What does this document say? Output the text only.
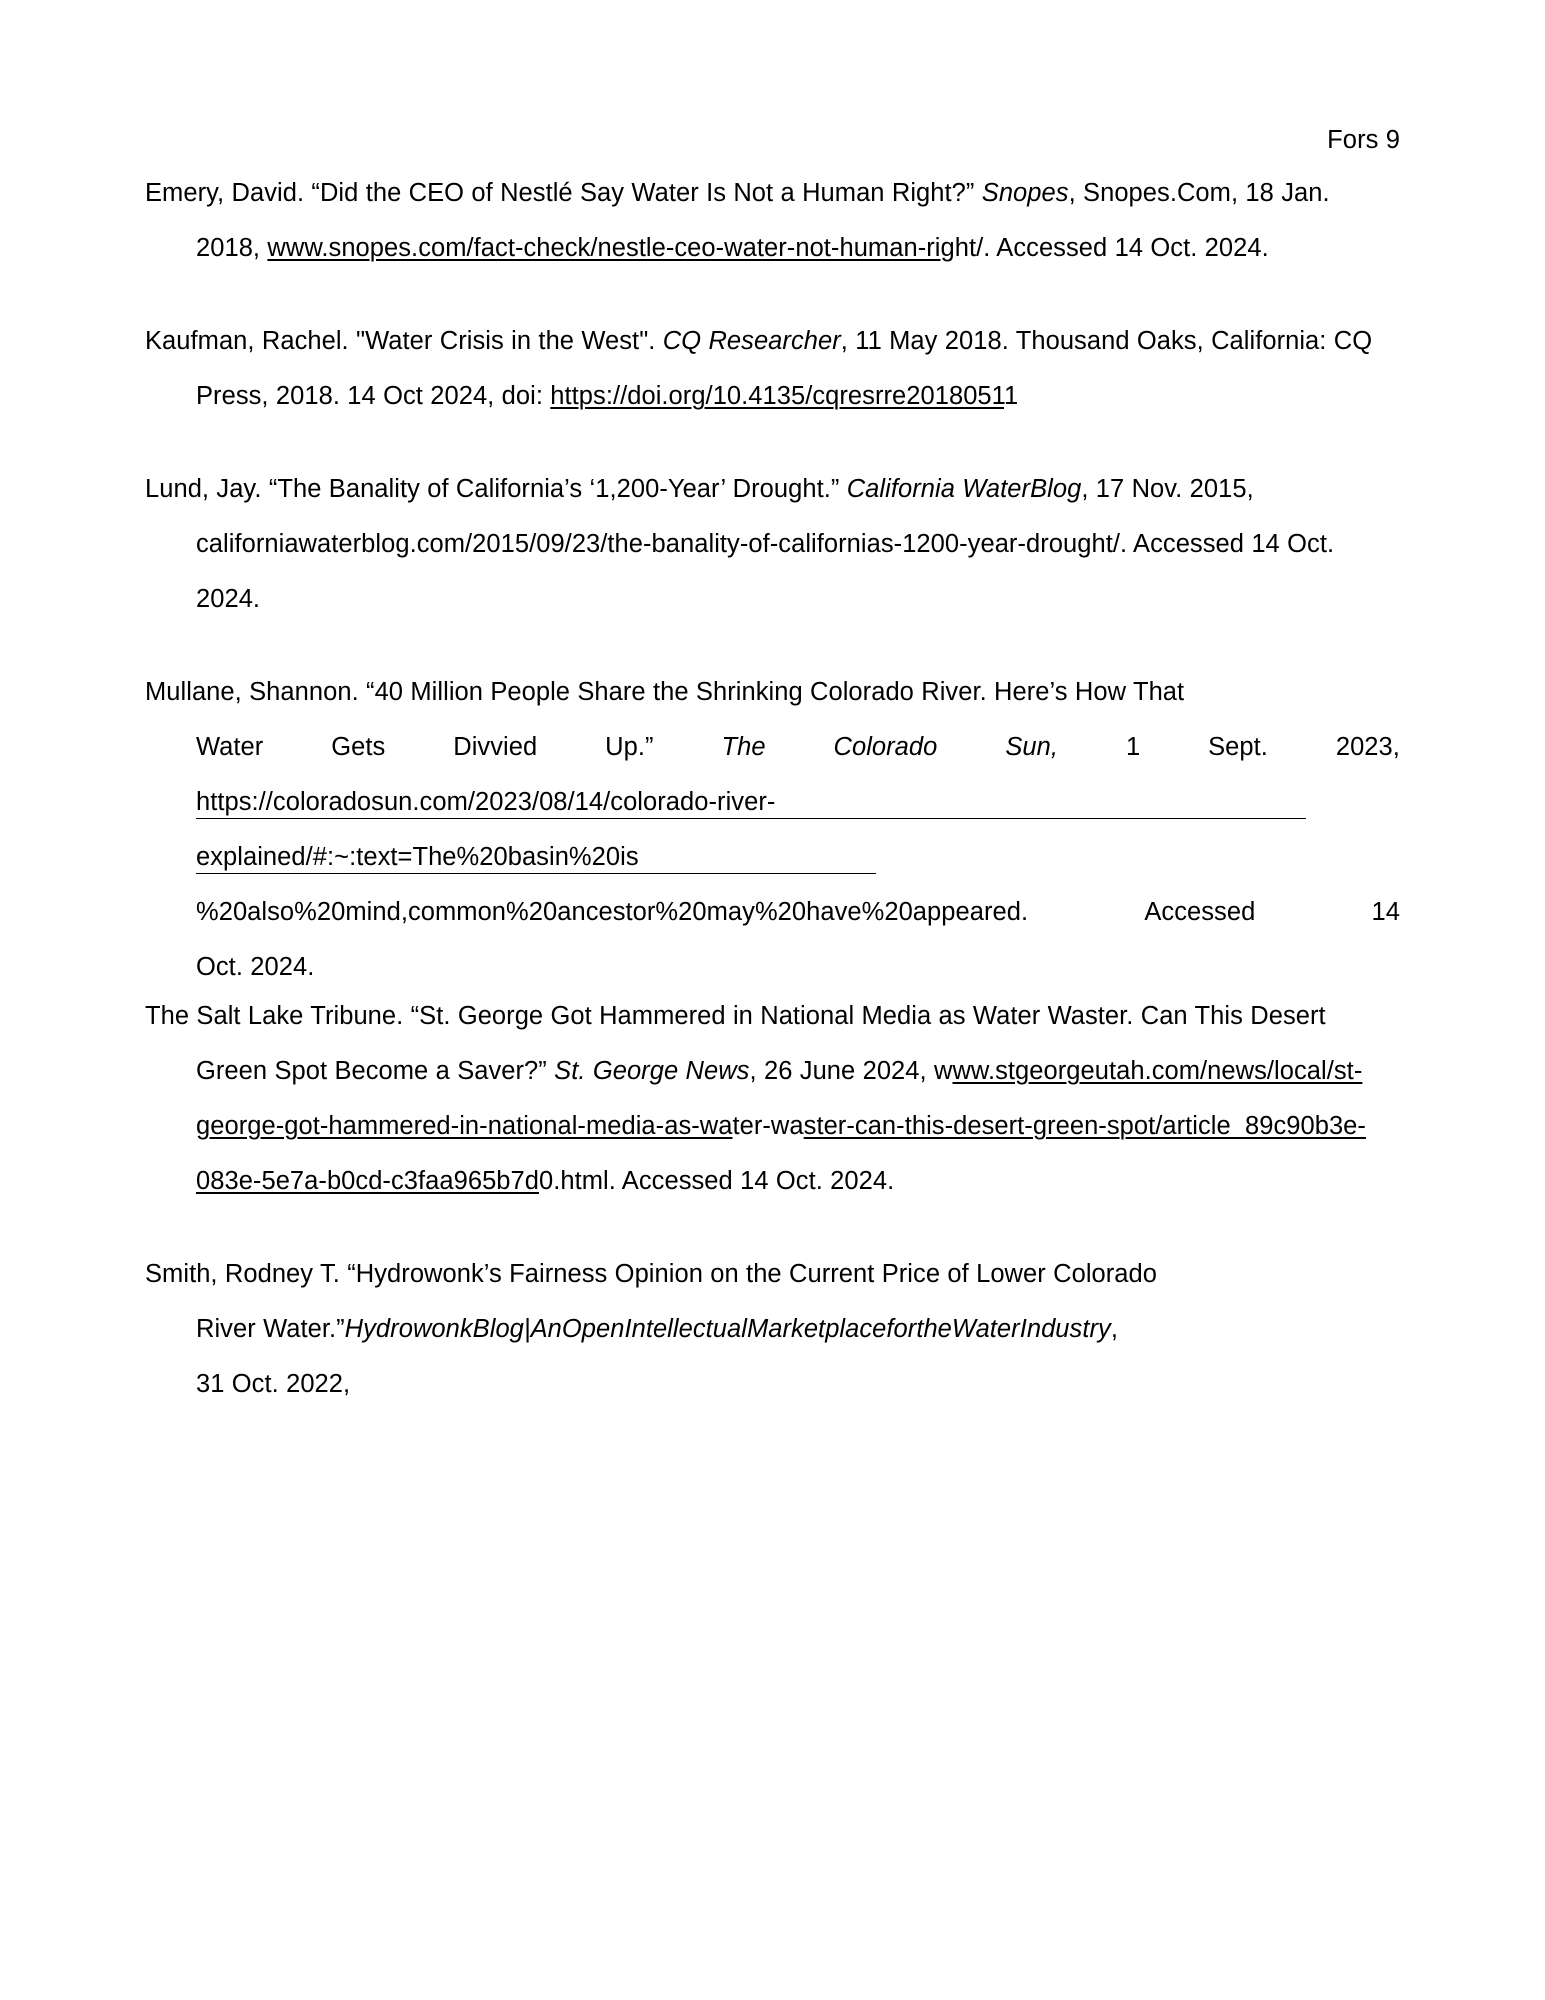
Fors 9

Emery, David. “Did the CEO of Nestlé Say Water Is Not a Human Right?” Snopes, Snopes.Com, 18 Jan. 2018, www.snopes.com/fact-check/nestle-ceo-water-not-human-right/. Accessed 14 Oct. 2024.

Kaufman, Rachel. "Water Crisis in the West". CQ Researcher, 11 May 2018. Thousand Oaks, California: CQ Press, 2018. 14 Oct 2024, doi: https://doi.org/10.4135/cqresrre20180511

Lund, Jay. “The Banality of California’s ‘1,200-Year’ Drought.” California WaterBlog, 17 Nov. 2015, californiawaterblog.com/2015/09/23/the-banality-of-californias-1200-year-drought/. Accessed 14 Oct. 2024.

Mullane, Shannon. “40 Million People Share the Shrinking Colorado River. Here’s How That
Water	Gets	Divvied	Up.”	The	Colorado	Sun,	1	Sept.	2023,
https://coloradosun.com/2023/08/14/colorado-river-
explained/#:~:text=The%20basin%20is
%20also%20mind,common%20ancestor%20may%20have%20appeared.	Accessed	14
Oct. 2024.

The Salt Lake Tribune. “St. George Got Hammered in National Media as Water Waster. Can This Desert Green Spot Become a Saver?” St. George News, 26 June 2024, www.stgeorgeutah.com/news/local/st-george-got-hammered-in-national-media-as-water-waster-can-this-desert-green-spot/article_89c90b3e-083e-5e7a-b0cd-c3faa965b7d0.html. Accessed 14 Oct. 2024.

Smith, Rodney T. “Hydrowonk’s Fairness Opinion on the Current Price of Lower Colorado
River Water.”HydrowonkBlog|AnOpenIntellectualMarketplacefortheWaterIndustry,
31 Oct. 2022,
